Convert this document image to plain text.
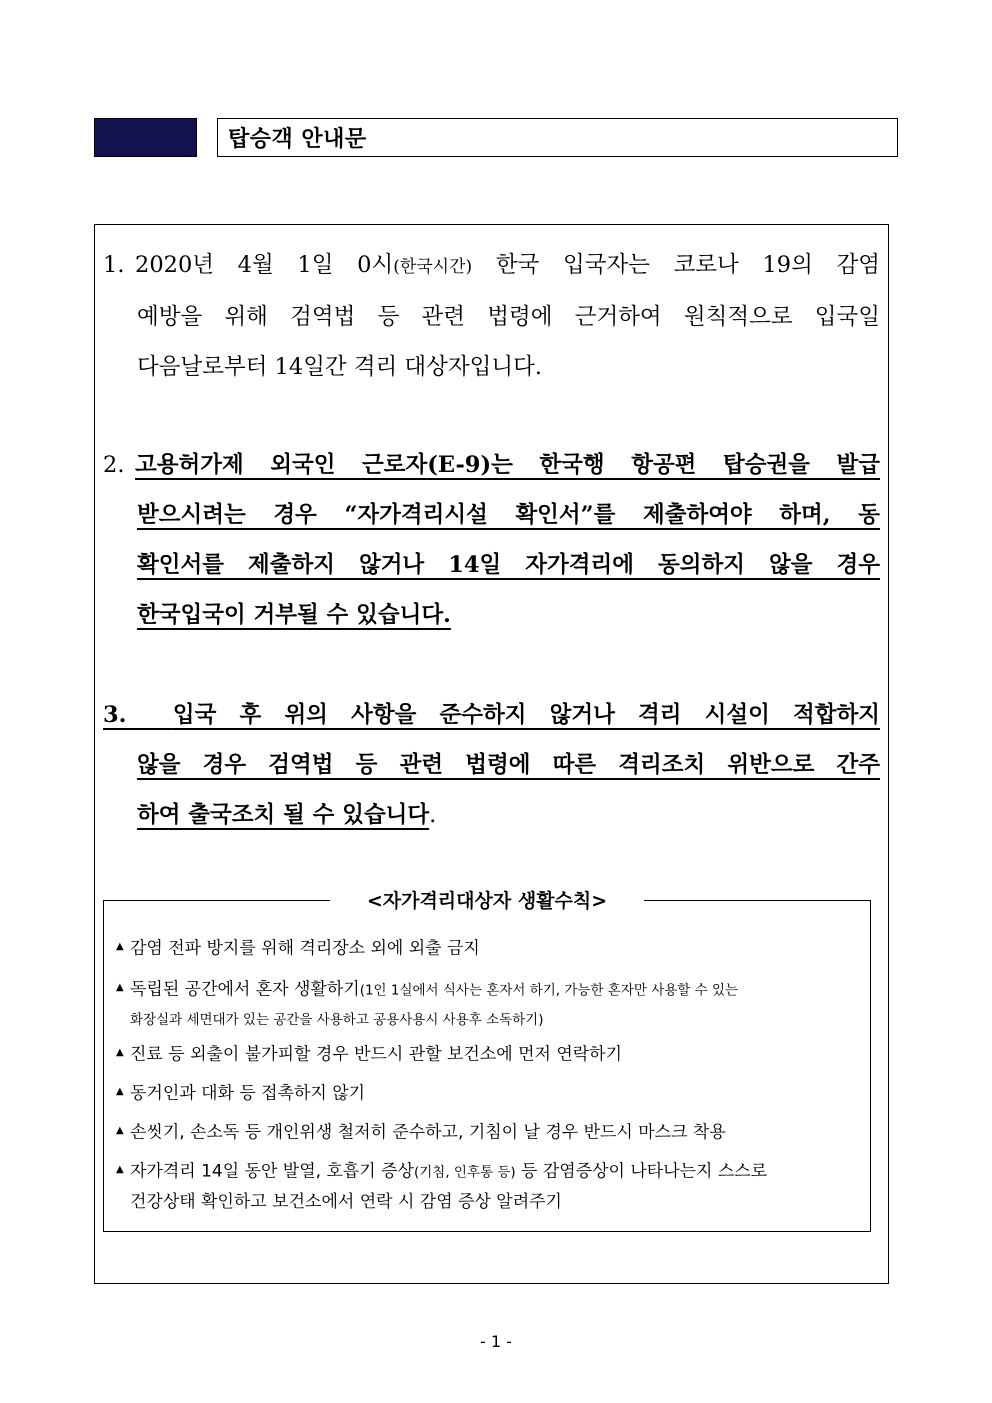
탑승객 안내문
1. 2020년 4월 1일 0시(한국시간) 한국 입국자는 코로나 19의 감염
예방을 위해 검역법 등 관련 법령에 근거하여 원칙적으로 입국일
다음날로부터 14일간 격리 대상자입니다.
2. 고용허가제 외국인 근로자(E-9)는 한국행 항공편 탑승권을 발급
받으시려는 경우 “자가격리시설 확인서”를 제출하여야 하며, 동
확인서를 제출하지 않거나 14일 자가격리에 동의하지 않을 경우
한국입국이 거부될 수 있습니다.
3. 입국 후 위의 사항을 준수하지 않거나 격리 시설이 적합하지
않을 경우 검역법 등 관련 법령에 따른 격리조치 위반으로 간주
하여 출국조치 될 수 있습니다.
<자가격리대상자 생활수칙>
▲ 감염 전파 방지를 위해 격리장소 외에 외출 금지
▲ 독립된 공간에서 혼자 생활하기(1인 1실에서 식사는 혼자서 하기, 가능한 혼자만 사용할 수 있는
화장실과 세면대가 있는 공간을 사용하고 공용사용시 사용후 소독하기)
▲ 진료 등 외출이 불가피할 경우 반드시 관할 보건소에 먼저 연락하기
▲ 동거인과 대화 등 접촉하지 않기
▲ 손씻기, 손소독 등 개인위생 철저히 준수하고, 기침이 날 경우 반드시 마스크 착용
▲ 자가격리 14일 동안 발열, 호흡기 증상(기침, 인후통 등) 등 감염증상이 나타나는지 스스로
건강상태 확인하고 보건소에서 연락 시 감염 증상 알려주기
- 1 -
